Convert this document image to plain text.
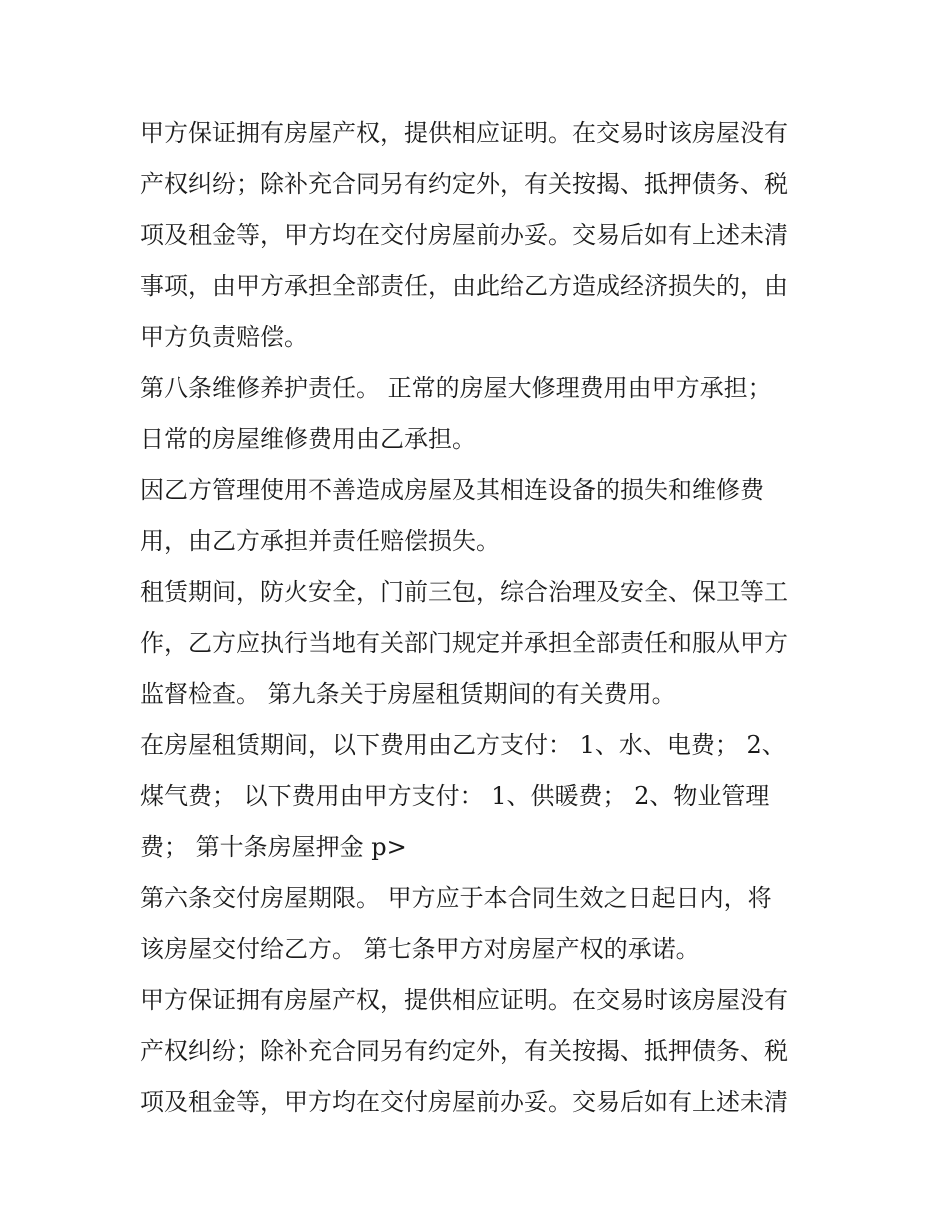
甲方保证拥有房屋产权，提供相应证明。在交易时该房屋没有
产权纠纷；除补充合同另有约定外，有关按揭、抵押债务、税
项及租金等，甲方均在交付房屋前办妥。交易后如有上述未清
事项，由甲方承担全部责任，由此给乙方造成经济损失的，由
甲方负责赔偿。
第八条维修养护责任。 正常的房屋大修理费用由甲方承担；
日常的房屋维修费用由乙承担。
因乙方管理使用不善造成房屋及其相连设备的损失和维修费
用，由乙方承担并责任赔偿损失。
租赁期间，防火安全，门前三包，综合治理及安全、保卫等工
作，乙方应执行当地有关部门规定并承担全部责任和服从甲方
监督检查。 第九条关于房屋租赁期间的有关费用。
在房屋租赁期间，以下费用由乙方支付： 1、水、电费； 2、
煤气费； 以下费用由甲方支付： 1、供暖费； 2、物业管理
费； 第十条房屋押金 p>
第六条交付房屋期限。 甲方应于本合同生效之日起日内，将
该房屋交付给乙方。 第七条甲方对房屋产权的承诺。
甲方保证拥有房屋产权，提供相应证明。在交易时该房屋没有
产权纠纷；除补充合同另有约定外，有关按揭、抵押债务、税
项及租金等，甲方均在交付房屋前办妥。交易后如有上述未清
